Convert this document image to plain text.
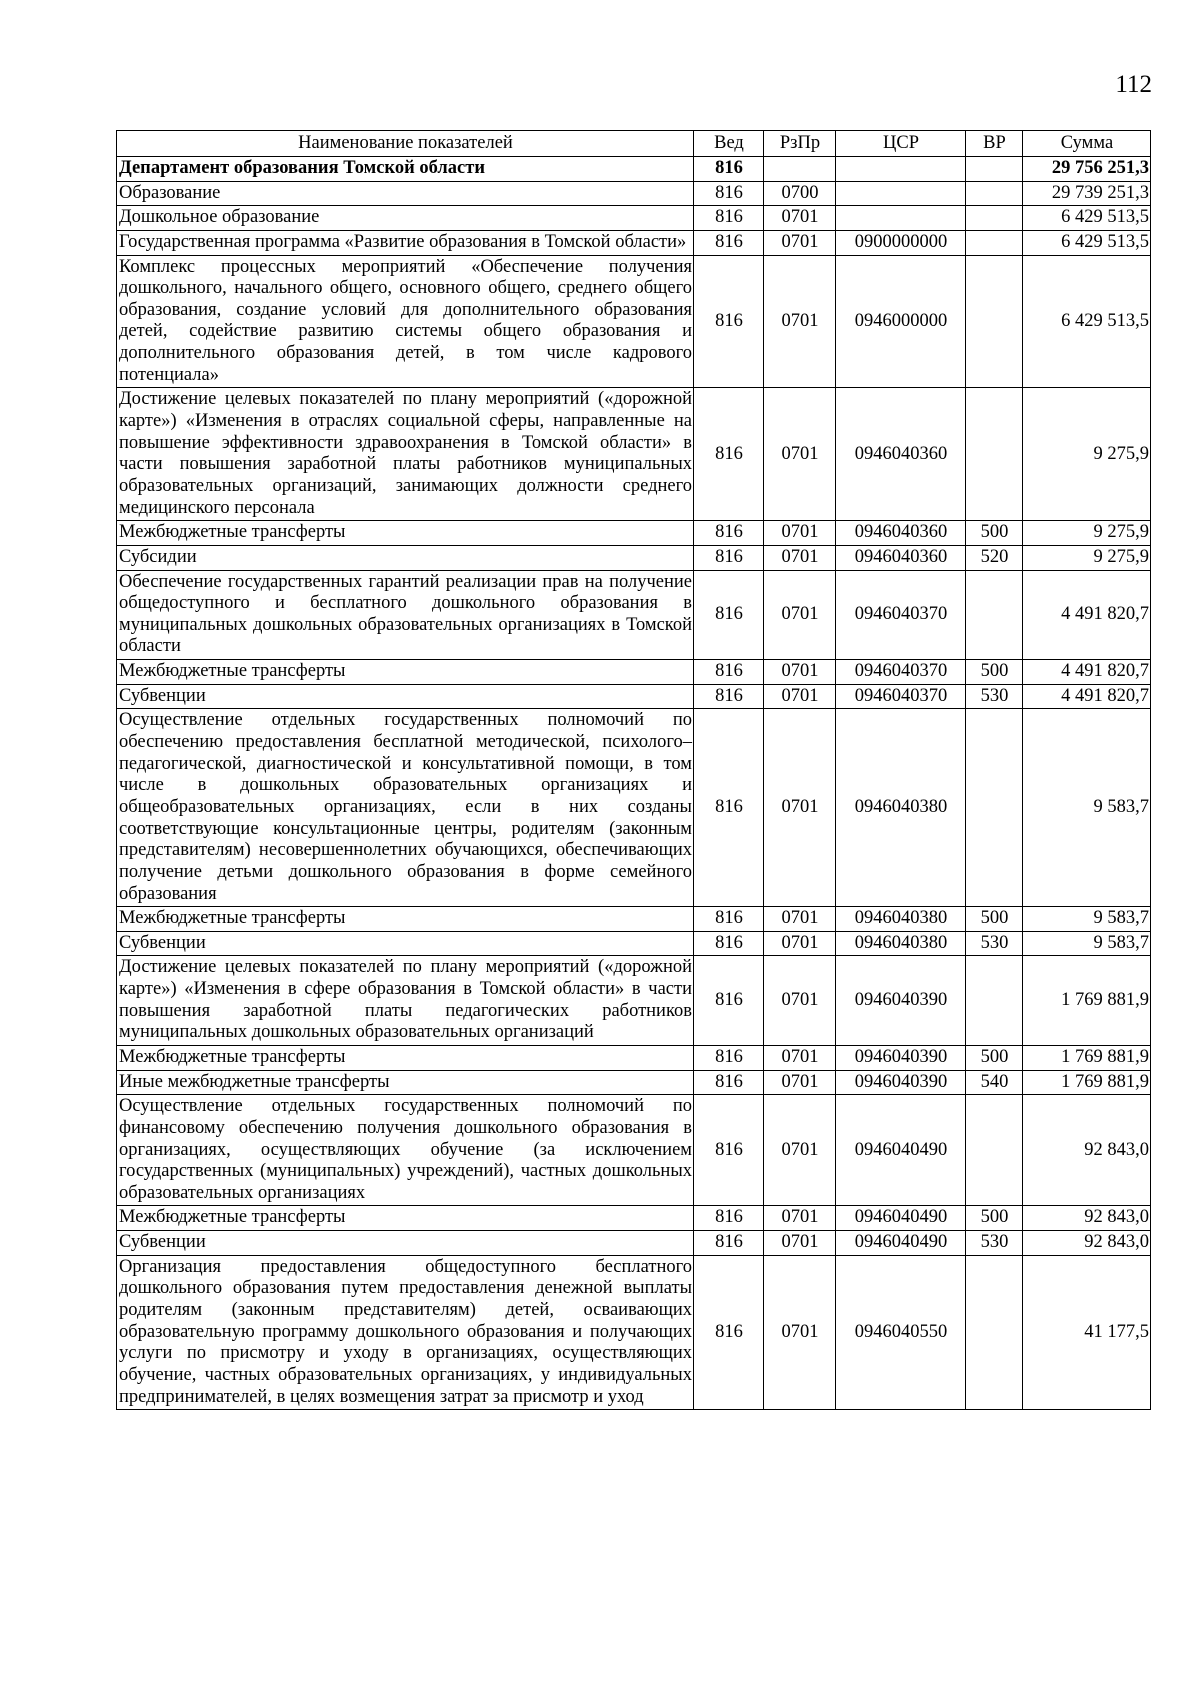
112
Наименование показателей	Вед	РзПр	ЦСР	ВР	Сумма
Департамент образования Томской области	816				29 756 251,3
Образование	816	0700			29 739 251,3
Дошкольное образование	816	0701			6 429 513,5
Государственная программа «Развитие образования в Томской области»	816	0701	0900000000		6 429 513,5
Комплекс процессных мероприятий «Обеспечение получения дошкольного, начального общего, основного общего, среднего общего образования, создание условий для дополнительного образования детей, содействие развитию системы общего образования и дополнительного образования детей, в том числе кадрового потенциала»	816	0701	0946000000		6 429 513,5
Достижение целевых показателей по плану мероприятий («дорожной карте») «Изменения в отраслях социальной сферы, направленные на повышение эффективности здравоохранения в Томской области» в части повышения заработной платы работников муниципальных образовательных организаций, занимающих должности среднего медицинского персонала	816	0701	0946040360		9 275,9
Межбюджетные трансферты	816	0701	0946040360	500	9 275,9
Субсидии	816	0701	0946040360	520	9 275,9
Обеспечение государственных гарантий реализации прав на получение общедоступного и бесплатного дошкольного образования в муниципальных дошкольных образовательных организациях в Томской области	816	0701	0946040370		4 491 820,7
Межбюджетные трансферты	816	0701	0946040370	500	4 491 820,7
Субвенции	816	0701	0946040370	530	4 491 820,7
Осуществление отдельных государственных полномочий по обеспечению предоставления бесплатной методической, психолого–педагогической, диагностической и консультативной помощи, в том числе в дошкольных образовательных организациях и общеобразовательных организациях, если в них созданы соответствующие консультационные центры, родителям (законным представителям) несовершеннолетних обучающихся, обеспечивающих получение детьми дошкольного образования в форме семейного образования	816	0701	0946040380		9 583,7
Межбюджетные трансферты	816	0701	0946040380	500	9 583,7
Субвенции	816	0701	0946040380	530	9 583,7
Достижение целевых показателей по плану мероприятий («дорожной карте») «Изменения в сфере образования в Томской области» в части повышения заработной платы педагогических работников муниципальных дошкольных образовательных организаций	816	0701	0946040390		1 769 881,9
Межбюджетные трансферты	816	0701	0946040390	500	1 769 881,9
Иные межбюджетные трансферты	816	0701	0946040390	540	1 769 881,9
Осуществление отдельных государственных полномочий по финансовому обеспечению получения дошкольного образования в организациях, осуществляющих обучение (за исключением государственных (муниципальных) учреждений), частных дошкольных образовательных организациях	816	0701	0946040490		92 843,0
Межбюджетные трансферты	816	0701	0946040490	500	92 843,0
Субвенции	816	0701	0946040490	530	92 843,0
Организация предоставления общедоступного бесплатного дошкольного образования путем предоставления денежной выплаты родителям (законным представителям) детей, осваивающих образовательную программу дошкольного образования и получающих услуги по присмотру и уходу в организациях, осуществляющих обучение, частных образовательных организациях, у индивидуальных предпринимателей, в целях возмещения затрат за присмотр и уход	816	0701	0946040550		41 177,5
